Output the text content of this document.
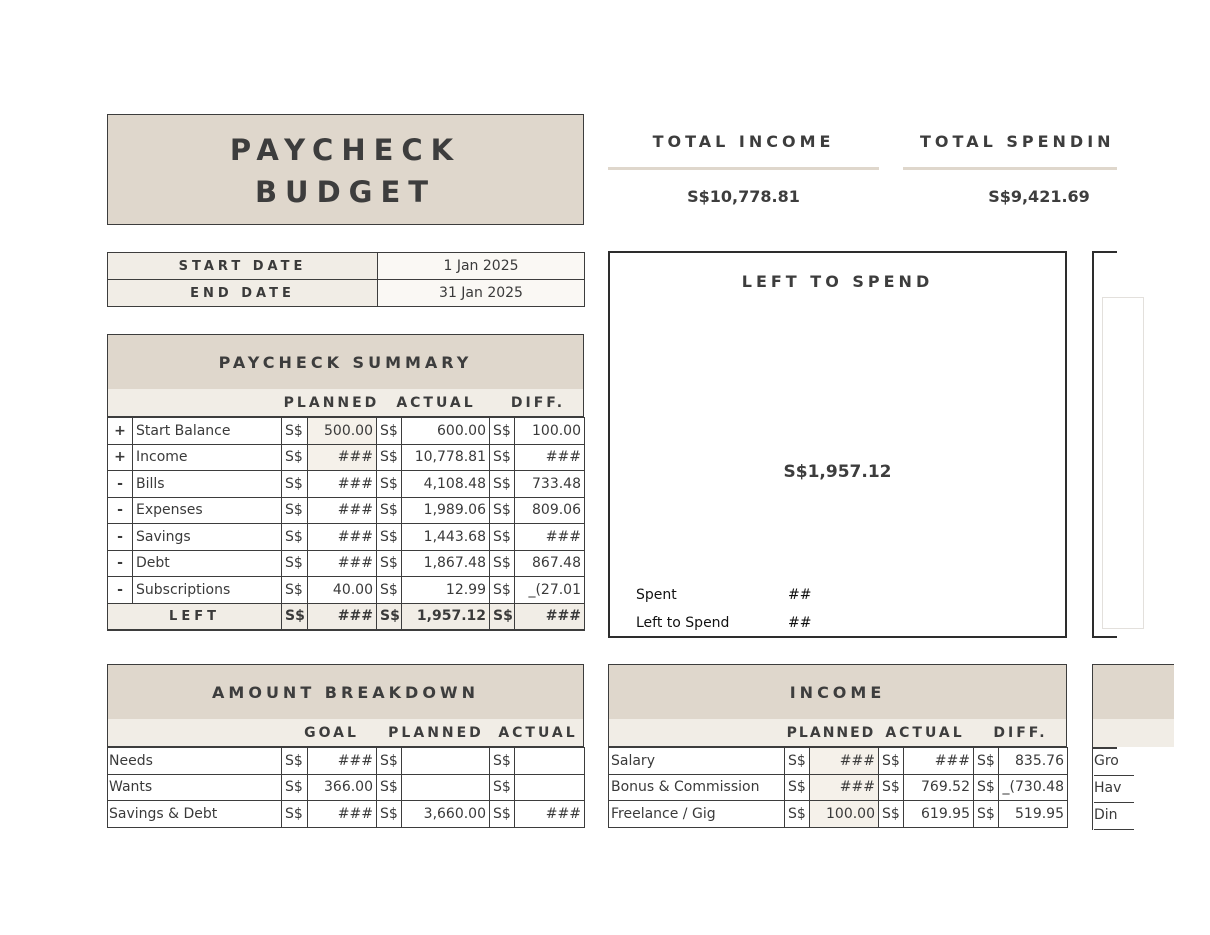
PAYCHECK
BUDGET
TOTAL INCOME
S$10,778.81
TOTAL SPENDIN
S$9,421.69
START DATE	1 Jan 2025
END DATE	31 Jan 2025
PAYCHECK SUMMARY
PLANNED	ACTUAL	DIFF.
+	Start Balance	S$	500.00	S$	600.00	S$	100.00
+	Income	S$	###	S$	10,778.81	S$	###
-	Bills	S$	###	S$	4,108.48	S$	733.48
-	Expenses	S$	###	S$	1,989.06	S$	809.06
-	Savings	S$	###	S$	1,443.68	S$	###
-	Debt	S$	###	S$	1,867.48	S$	867.48
-	Subscriptions	S$	40.00	S$	12.99	S$	_(27.01
LEFT		S$	###	S$	1,957.12	S$	###
LEFT TO SPEND
S$1,957.12
Spent	##
Left to Spend	##
AMOUNT BREAKDOWN
GOAL	PLANNED	ACTUAL
Needs	S$	###	S$		S$	
Wants	S$	366.00	S$		S$	
Savings & Debt	S$	###	S$	3,660.00	S$	###
INCOME
PLANNED ACTUAL	DIFF.
Salary	S$	###	S$	###	S$	835.76
Bonus & Commission	S$	###	S$	769.52	S$	_(730.48
Freelance / Gig	S$	100.00	S$	619.95	S$	519.95
Gro
Hav
Din
